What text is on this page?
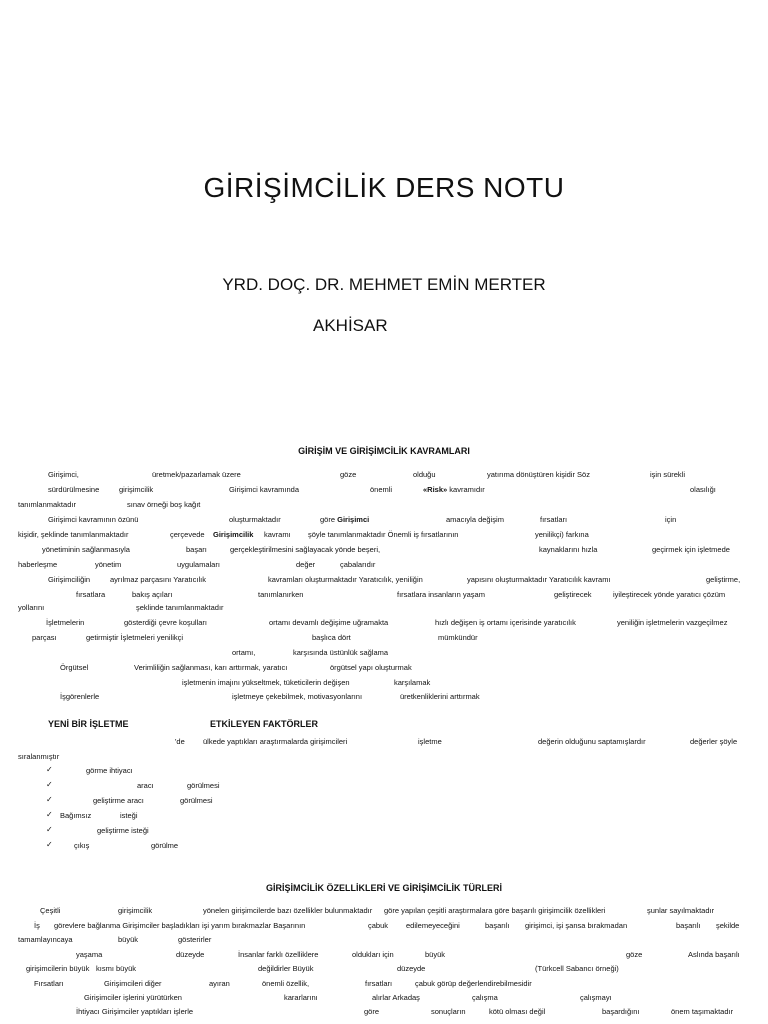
GİRİŞİMCİLİK DERS NOTU
YRD. DOÇ. DR. MEHMET EMİN MERTER
AKHİSAR
GİRİŞİM VE GİRİŞİMCİLİK KAVRAMLARI
Girişimci,	üretmek/pazarlamak üzere	göze	olduğu	yatırıma dönüştüren kişidir Söz	işin sürekli
sürdürülmesine	girişimcilik	Girişimci kavramında	önemli	«Risk» kavramıdır	olasılığı
tanımlanmaktadır	sınav örneği boş kağıt
Girişimci kavramının özünü	oluşturmaktadır	göre Girişimci	amacıyla değişim	fırsatları	için
kişidir, şeklinde tanımlanmaktadır	çerçevede Girişimcilik kavramı şöyle tanımlanmaktadır Önemli iş fırsatlarının	yenilikçi) farkına
yönetiminin sağlanmasıyla	başarı	gerçekleştirilmesini sağlayacak yönde beşeri,	kaynaklarını hızla	geçirmek için işletmede
haberleşme	yönetim	uygulamaları	değer	çabalarıdır
Girişimciliğin	ayrılmaz parçasını Yaratıcılık	kavramları oluşturmaktadır Yaratıcılık, yeniliğin	yapısını oluşturmaktadır Yaratıcılık kavramı	geliştirme,
fırsatlara	bakış açıları	tanımlanırken	fırsatlara insanların yaşam	geliştirecek	iyileştirecek yönde yaratıcı çözüm
yollarını	şeklinde tanımlanmaktadır
İşletmelerin	gösterdiği çevre koşulları	ortamı devamlı değişime uğramakta	hızlı değişen iş ortamı içerisinde yaratıcılık	yeniliğin işletmelerin vazgeçilmez
parçası	getirmiştir İşletmeleri yenilikçi	başlıca dört	mümkündür
ortamı,	karşısında üstünlük sağlama
Örgütsel	Verimliliğin sağlanması, karı arttırmak, yaratıcı	örgütsel yapı oluşturmak
işletmenin imajını yükseltmek, tüketicilerin değişen	karşılamak
İşgörenlerle	işletmeye çekebilmek, motivasyonlarını	üretkenliklerini arttırmak
YENİ BİR İŞLETME	ETKİLEYEN FAKTÖRLER
'de ülkede yaptıkları araştırmalarda girişimcileri	işletme	değerin olduğunu saptamışlardır	değerler şöyle
sıralanmıştır
✓	görme ihtiyacı
✓	aracı	görülmesi
✓	geliştirme aracı	görülmesi
✓ Bağımsız	isteği
✓	geliştirme isteği
✓	çıkış	görülme
GİRİŞİMCİLİK ÖZELLİKLERİ VE GİRİŞİMCİLİK TÜRLERİ
Çeşitli	girişimcilik	yönelen girişimcilerde bazı özellikler bulunmaktadır göre yapılan çeşitli araştırmalara göre başarılı girişimcilik özellikleri	şunlar sayılmaktadır
İş görevlere bağlanma Girişimciler başladıkları işi yarım bırakmazlar Başarının	çabuk edilemeyeceğini	başarılı girişimci, işi şansa bırakmadan	başarılı şekilde
tamamlayıncaya	büyük	gösterirler
yaşama	düzeyde	İnsanlar farklı özelliklere	oldukları için	büyük	göze	Aslında başarılı
girişimcilerin büyük kısmı büyük	değildirler Büyük	düzeyde	(Türkcell Sabancı örneği)
Fırsatları	Girişimcileri diğer	ayıran	önemli özellik,	fırsatları	çabuk görüp değerlendirebilmesidir
Girişimciler işlerini yürütürken	kararlarını	alırlar Arkadaş	çalışma	çalışmayı
İhtiyacı Girişimciler yaptıkları işlerle	göre	sonuçların	kötü olması değil	başardığını	önem taşımaktadır
